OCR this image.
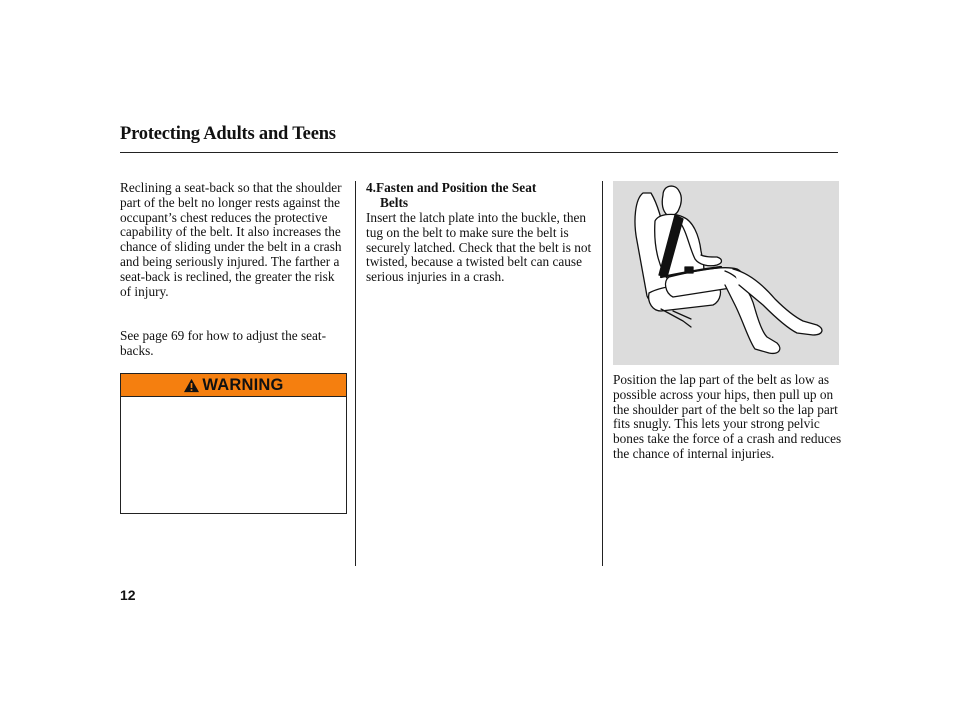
Protecting Adults and Teens

Reclining a seat-back so that the shoulder part of the belt no longer rests against the occupant’s chest reduces the protective capability of the belt. It also increases the chance of sliding under the belt in a crash and being seriously injured. The farther a seat-back is reclined, the greater the risk of injury.

See page 69 for how to adjust the seat-backs.

WARNING

4.Fasten and Position the Seat

Belts

Insert the latch plate into the buckle, then tug on the belt to make sure the belt is securely latched. Check that the belt is not twisted, because a twisted belt can cause serious injuries in a crash.

Position the lap part of the belt as low as possible across your hips, then pull up on the shoulder part of the belt so the lap part fits snugly. This lets your strong pelvic bones take the force of a crash and reduces the chance of internal injuries.

12
